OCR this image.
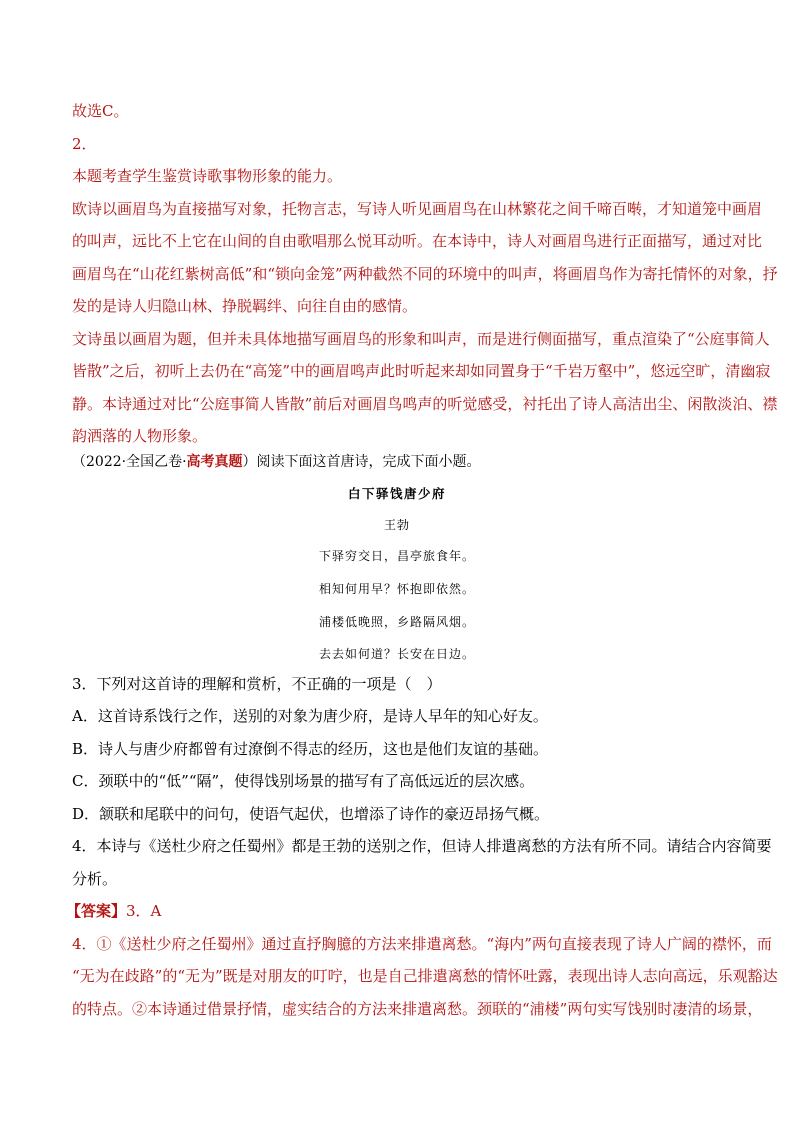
故选C。
2．
本题考查学生鉴赏诗歌事物形象的能力。
欧诗以画眉鸟为直接描写对象，托物言志，写诗人听见画眉鸟在山林繁花之间千啼百啭，才知道笼中画眉
的叫声，远比不上它在山间的自由歌唱那么悦耳动听。在本诗中，诗人对画眉鸟进行正面描写，通过对比
画眉鸟在“山花红紫树高低”和“锁向金笼”两种截然不同的环境中的叫声，将画眉鸟作为寄托情怀的对象，抒
发的是诗人归隐山林、挣脱羁绊、向往自由的感情。
文诗虽以画眉为题，但并未具体地描写画眉鸟的形象和叫声，而是进行侧面描写，重点渲染了“公庭事简人
皆散”之后，初听上去仍在“高笼”中的画眉鸣声此时听起来却如同置身于“千岩万壑中”，悠远空旷，清幽寂
静。本诗通过对比“公庭事简人皆散”前后对画眉鸟鸣声的听觉感受，衬托出了诗人高洁出尘、闲散淡泊、襟
韵洒落的人物形象。
（2022·全国乙卷·高考真题）阅读下面这首唐诗，完成下面小题。
白下驿饯唐少府
王勃
下驿穷交日，昌亭旅食年。
相知何用早？怀抱即依然。
浦楼低晚照，乡路隔风烟。
去去如何道？长安在日边。
3．下列对这首诗的理解和赏析，不正确的一项是（　）
A．这首诗系饯行之作，送别的对象为唐少府，是诗人早年的知心好友。
B．诗人与唐少府都曾有过潦倒不得志的经历，这也是他们友谊的基础。
C．颈联中的“低”“隔”，使得饯别场景的描写有了高低远近的层次感。
D．颔联和尾联中的问句，使语气起伏，也增添了诗作的豪迈昂扬气概。
4．本诗与《送杜少府之任蜀州》都是王勃的送别之作，但诗人排遣离愁的方法有所不同。请结合内容简要
分析。
【答案】3．A
4．①《送杜少府之任蜀州》通过直抒胸臆的方法来排遣离愁。“海内”两句直接表现了诗人广阔的襟怀，而
“无为在歧路”的“无为”既是对朋友的叮咛，也是自己排遣离愁的情怀吐露，表现出诗人志向高远，乐观豁达
的特点。②本诗通过借景抒情，虚实结合的方法来排遣离愁。颈联的“浦楼”两句实写饯别时凄清的场景，
